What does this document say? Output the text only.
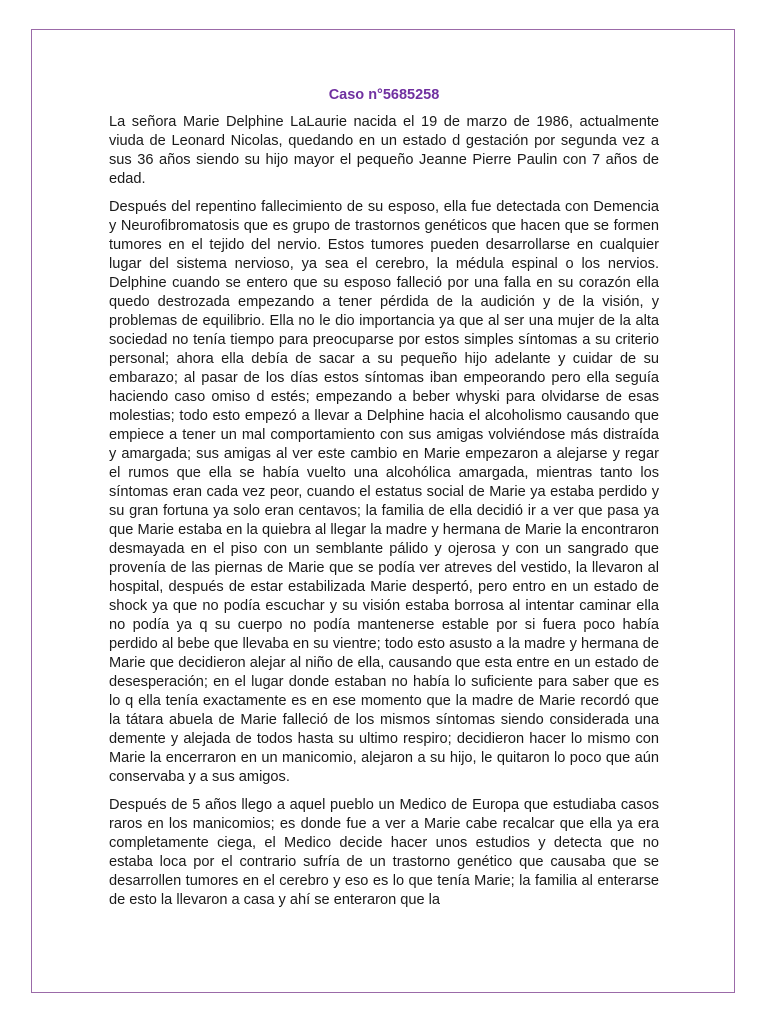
Caso n°5685258

La señora Marie Delphine LaLaurie nacida el 19 de marzo de 1986, actualmente viuda de Leonard Nicolas, quedando en un estado d gestación por segunda vez a sus 36 años siendo su hijo mayor el pequeño Jeanne Pierre Paulin con 7 años de edad.

Después del repentino fallecimiento de su esposo, ella fue detectada con Demencia y Neurofibromatosis que es grupo de trastornos genéticos que hacen que se formen tumores en el tejido del nervio. Estos tumores pueden desarrollarse en cualquier lugar del sistema nervioso, ya sea el cerebro, la médula espinal o los nervios. Delphine cuando se entero que su esposo falleció por una falla en su corazón ella quedo destrozada empezando a tener pérdida de la audición y de la visión, y problemas de equilibrio. Ella no le dio importancia ya que al ser una mujer de la alta sociedad no tenía tiempo para preocuparse por estos simples síntomas a su criterio personal; ahora ella debía de sacar a su pequeño hijo adelante y cuidar de su embarazo; al pasar de los días estos síntomas iban empeorando pero ella seguía haciendo caso omiso d estés; empezando a beber whyski para olvidarse de esas molestias; todo esto empezó a llevar a Delphine hacia el alcoholismo causando que empiece a tener un mal comportamiento con sus amigas volviéndose más distraída y amargada; sus amigas al ver este cambio en Marie empezaron a alejarse y regar el rumos que ella se había vuelto una alcohólica amargada, mientras tanto los síntomas eran cada vez peor, cuando el estatus social de Marie ya estaba perdido y su gran fortuna ya solo eran centavos; la familia de ella decidió ir a ver que pasa ya que Marie estaba en la quiebra al llegar la madre y hermana de Marie la encontraron desmayada en el piso con un semblante pálido y ojerosa y con un sangrado que provenía de las piernas de Marie que se podía ver atreves del vestido, la llevaron al hospital, después de estar estabilizada Marie despertó, pero entro en un estado de shock ya que no podía escuchar y su visión estaba borrosa al intentar caminar ella no podía ya q su cuerpo no podía mantenerse estable por si fuera poco había perdido al bebe que llevaba en su vientre; todo esto asusto a la madre y hermana de Marie que decidieron alejar al niño de ella, causando que esta entre en un estado de desesperación; en el lugar donde estaban no había lo suficiente para saber que es lo q ella tenía exactamente es en ese momento que la madre de Marie recordó que la tátara abuela de Marie falleció de los mismos síntomas siendo considerada una demente y alejada de todos hasta su ultimo respiro; decidieron hacer lo mismo con Marie la encerraron en un manicomio, alejaron a su hijo, le quitaron lo poco que aún conservaba y a sus amigos.

Después de 5 años llego a aquel pueblo un Medico de Europa que estudiaba casos raros en los manicomios; es donde fue a ver a Marie cabe recalcar que ella ya era completamente ciega, el Medico decide hacer unos estudios y detecta que no estaba loca por el contrario sufría de un trastorno genético que causaba que se desarrollen tumores en el cerebro y eso es lo que tenía Marie; la familia al enterarse de esto la llevaron a casa y ahí se enteraron que la
